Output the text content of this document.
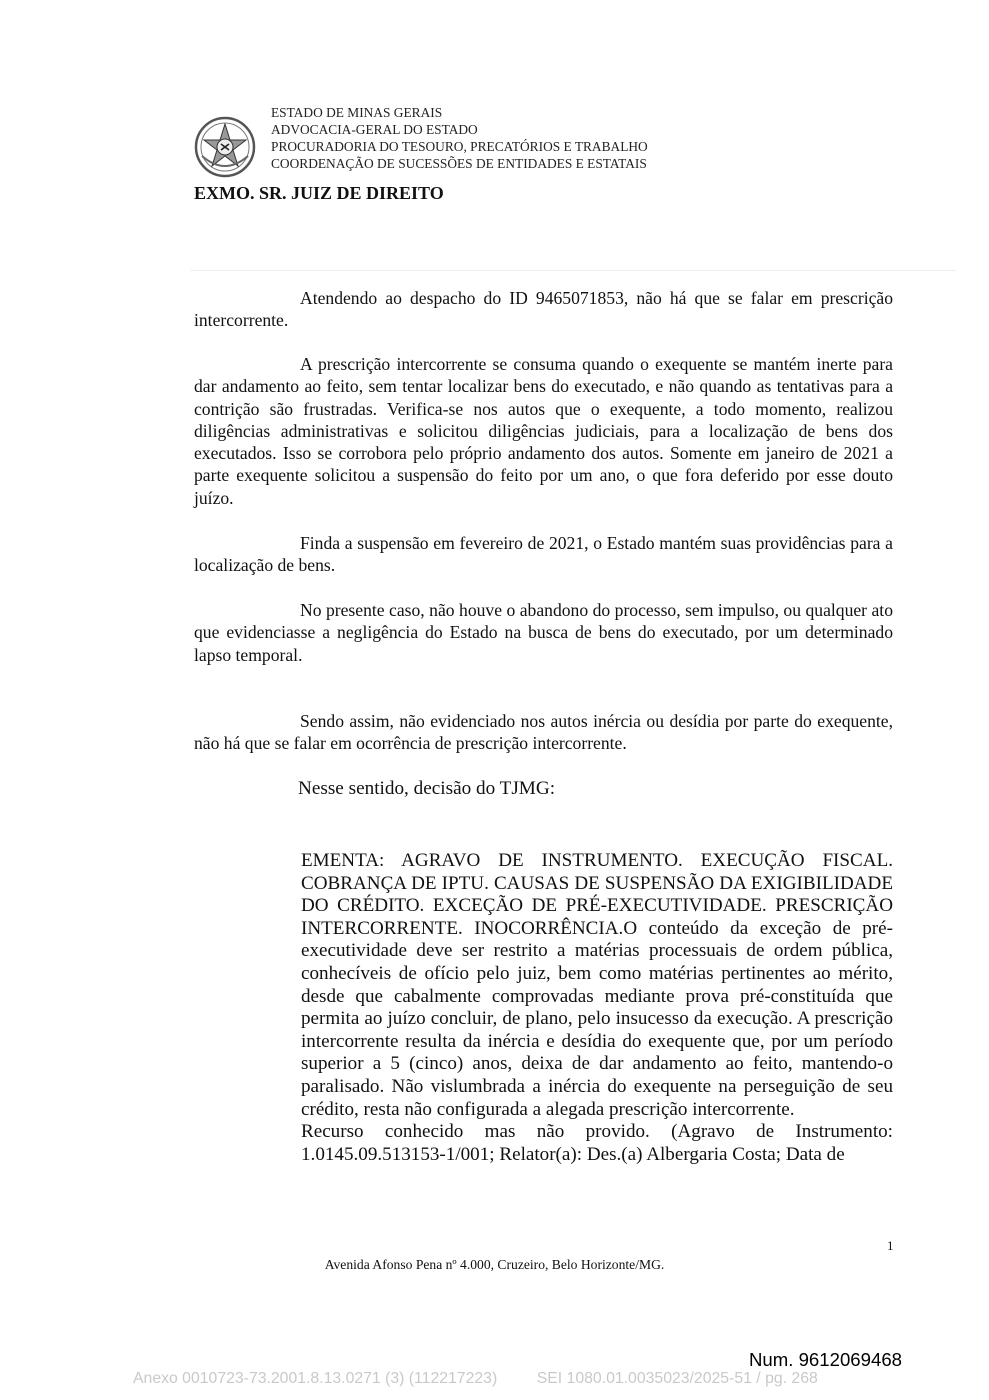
ESTADO DE MINAS GERAIS
ADVOCACIA-GERAL DO ESTADO
PROCURADORIA DO TESOURO, PRECATÓRIOS E TRABALHO
COORDENAÇÃO DE SUCESSÕES DE ENTIDADES E ESTATAIS
EXMO. SR. JUIZ DE DIREITO
Atendendo ao despacho do ID 9465071853, não há que se falar em prescrição intercorrente.
A prescrição intercorrente se consuma quando o exequente se mantém inerte para dar andamento ao feito, sem tentar localizar bens do executado, e não quando as tentativas para a contrição são frustradas. Verifica-se nos autos que o exequente, a todo momento, realizou diligências administrativas e solicitou diligências judiciais, para a localização de bens dos executados. Isso se corrobora pelo próprio andamento dos autos. Somente em janeiro de 2021 a parte exequente solicitou a suspensão do feito por um ano, o que fora deferido por esse douto juízo.
Finda a suspensão em fevereiro de 2021, o Estado mantém suas providências para a localização de bens.
No presente caso, não houve o abandono do processo, sem impulso, ou qualquer ato que evidenciasse a negligência do Estado na busca de bens do executado, por um determinado lapso temporal.
Sendo assim, não evidenciado nos autos inércia ou desídia por parte do exequente, não há que se falar em ocorrência de prescrição intercorrente.
Nesse sentido, decisão do TJMG:

EMENTA: AGRAVO DE INSTRUMENTO. EXECUÇÃO FISCAL. COBRANÇA DE IPTU. CAUSAS DE SUSPENSÃO DA EXIGIBILIDADE DO CRÉDITO. EXCEÇÃO DE PRÉ-EXECUTIVIDADE. PRESCRIÇÃO INTERCORRENTE. INOCORRÊNCIA.O conteúdo da exceção de pré-executividade deve ser restrito a matérias processuais de ordem pública, conhecíveis de ofício pelo juiz, bem como matérias pertinentes ao mérito, desde que cabalmente comprovadas mediante prova pré-constituída que permita ao juízo concluir, de plano, pelo insucesso da execução. A prescrição intercorrente resulta da inércia e desídia do exequente que, por um período superior a 5 (cinco) anos, deixa de dar andamento ao feito, mantendo-o paralisado. Não vislumbrada a inércia do exequente na perseguição de seu crédito, resta não configurada a alegada prescrição intercorrente.

Recurso conhecido mas não provido. (Agravo de Instrumento: 1.0145.09.513153-1/001; Relator(a): Des.(a) Albergaria Costa; Data de

1
Avenida Afonso Pena nº 4.000, Cruzeiro, Belo Horizonte/MG.
Num. 9612069468
Anexo 0010723-73.2001.8.13.0271 (3) (112217223)         SEI 1080.01.0035023/2025-51 / pg. 268
